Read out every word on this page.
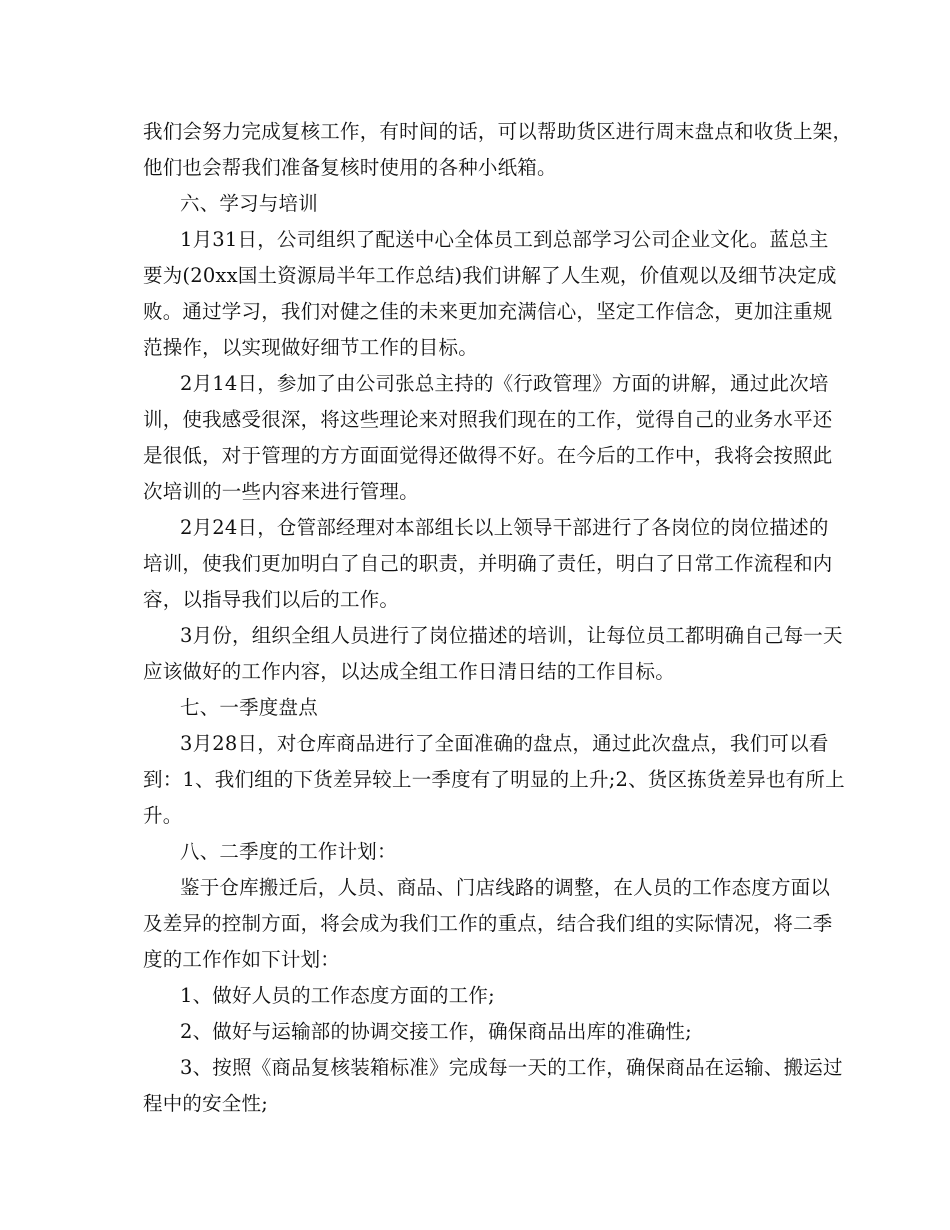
我们会努力完成复核工作，有时间的话，可以帮助货区进行周末盘点和收货上架，
他们也会帮我们准备复核时使用的各种小纸箱。
六、学习与培训
1月31日，公司组织了配送中心全体员工到总部学习公司企业文化。蓝总主
要为(20xx国土资源局半年工作总结)我们讲解了人生观，价值观以及细节决定成
败。通过学习，我们对健之佳的未来更加充满信心，坚定工作信念，更加注重规
范操作，以实现做好细节工作的目标。
2月14日，参加了由公司张总主持的《行政管理》方面的讲解，通过此次培
训，使我感受很深，将这些理论来对照我们现在的工作，觉得自己的业务水平还
是很低，对于管理的方方面面觉得还做得不好。在今后的工作中，我将会按照此
次培训的一些内容来进行管理。
2月24日，仓管部经理对本部组长以上领导干部进行了各岗位的岗位描述的
培训，使我们更加明白了自己的职责，并明确了责任，明白了日常工作流程和内
容，以指导我们以后的工作。
3月份，组织全组人员进行了岗位描述的培训，让每位员工都明确自己每一天
应该做好的工作内容，以达成全组工作日清日结的工作目标。
七、一季度盘点
3月28日，对仓库商品进行了全面准确的盘点，通过此次盘点，我们可以看
到：1、我们组的下货差异较上一季度有了明显的上升;2、货区拣货差异也有所上
升。
八、二季度的工作计划：
鉴于仓库搬迁后，人员、商品、门店线路的调整，在人员的工作态度方面以
及差异的控制方面，将会成为我们工作的重点，结合我们组的实际情况，将二季
度的工作作如下计划：
1、做好人员的工作态度方面的工作;
2、做好与运输部的协调交接工作，确保商品出库的准确性;
3、按照《商品复核装箱标准》完成每一天的工作，确保商品在运输、搬运过
程中的安全性;
